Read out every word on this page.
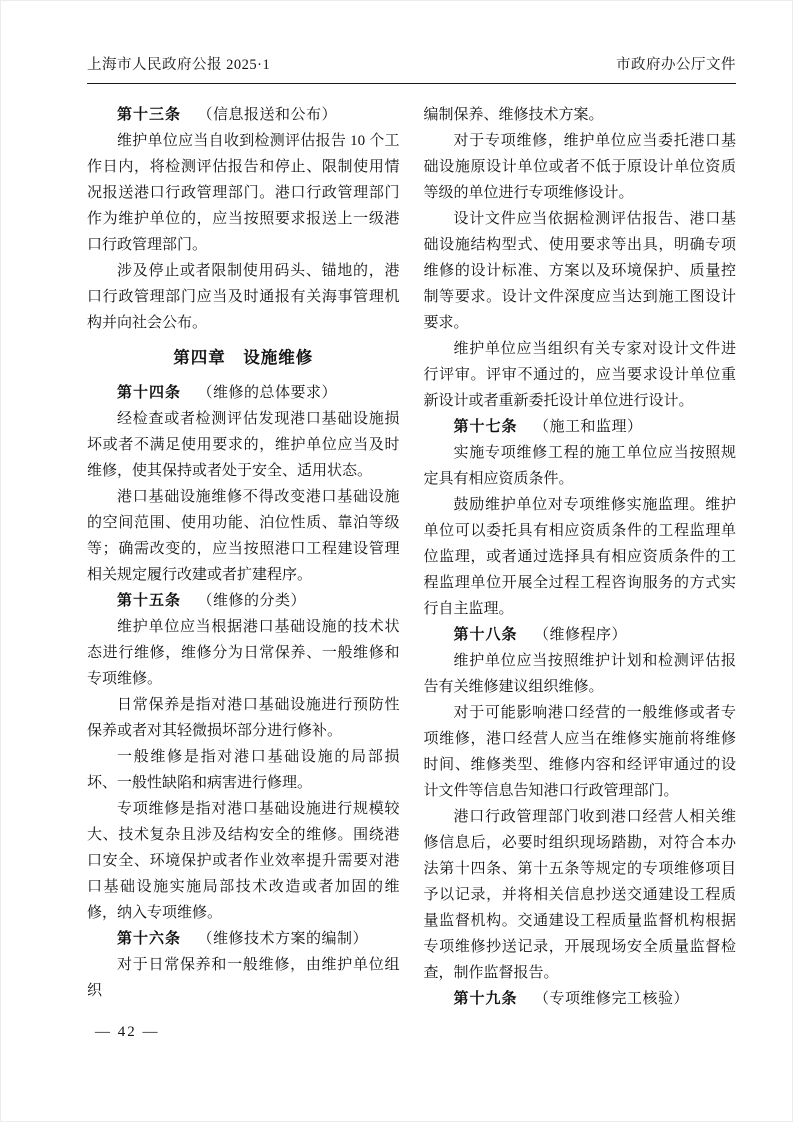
上海市人民政府公报 2025·1	市政府办公厅文件

第十三条 （信息报送和公布）

维护单位应当自收到检测评估报告 10 个工作日内，将检测评估报告和停止、限制使用情况报送港口行政管理部门。港口行政管理部门作为维护单位的，应当按照要求报送上一级港口行政管理部门。

涉及停止或者限制使用码头、锚地的，港口行政管理部门应当及时通报有关海事管理机构并向社会公布。

第四章　设施维修

第十四条 （维修的总体要求）

经检查或者检测评估发现港口基础设施损坏或者不满足使用要求的，维护单位应当及时维修，使其保持或者处于安全、适用状态。

港口基础设施维修不得改变港口基础设施的空间范围、使用功能、泊位性质、靠泊等级等；确需改变的，应当按照港口工程建设管理相关规定履行改建或者扩建程序。

第十五条 （维修的分类）

维护单位应当根据港口基础设施的技术状态进行维修，维修分为日常保养、一般维修和专项维修。

日常保养是指对港口基础设施进行预防性保养或者对其轻微损坏部分进行修补。

一般维修是指对港口基础设施的局部损坏、一般性缺陷和病害进行修理。

专项维修是指对港口基础设施进行规模较大、技术复杂且涉及结构安全的维修。围绕港口安全、环境保护或者作业效率提升需要对港口基础设施实施局部技术改造或者加固的维修，纳入专项维修。

第十六条 （维修技术方案的编制）

对于日常保养和一般维修，由维护单位组织

编制保养、维修技术方案。

对于专项维修，维护单位应当委托港口基础设施原设计单位或者不低于原设计单位资质等级的单位进行专项维修设计。

设计文件应当依据检测评估报告、港口基础设施结构型式、使用要求等出具，明确专项维修的设计标准、方案以及环境保护、质量控制等要求。设计文件深度应当达到施工图设计要求。

维护单位应当组织有关专家对设计文件进行评审。评审不通过的，应当要求设计单位重新设计或者重新委托设计单位进行设计。

第十七条 （施工和监理）

实施专项维修工程的施工单位应当按照规定具有相应资质条件。

鼓励维护单位对专项维修实施监理。维护单位可以委托具有相应资质条件的工程监理单位监理，或者通过选择具有相应资质条件的工程监理单位开展全过程工程咨询服务的方式实行自主监理。

第十八条 （维修程序）

维护单位应当按照维护计划和检测评估报告有关维修建议组织维修。

对于可能影响港口经营的一般维修或者专项维修，港口经营人应当在维修实施前将维修时间、维修类型、维修内容和经评审通过的设计文件等信息告知港口行政管理部门。

港口行政管理部门收到港口经营人相关维修信息后，必要时组织现场踏勘，对符合本办法第十四条、第十五条等规定的专项维修项目予以记录，并将相关信息抄送交通建设工程质量监督机构。交通建设工程质量监督机构根据专项维修抄送记录，开展现场安全质量监督检查，制作监督报告。

第十九条 （专项维修完工核验）

— 42 —
